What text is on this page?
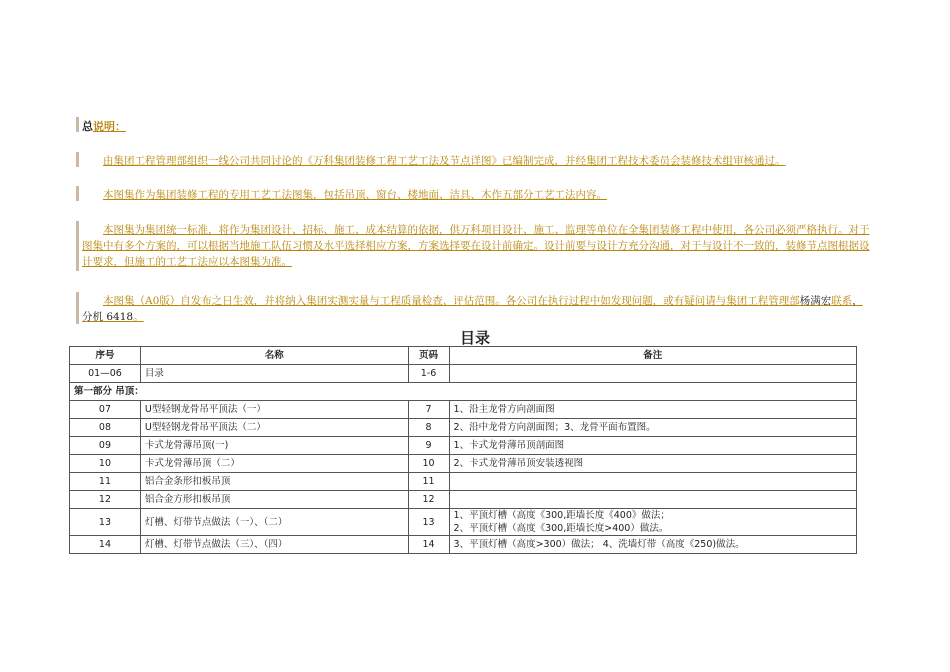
总说明：
由集团工程管理部组织一线公司共同讨论的《万科集团装修工程工艺工法及节点详图》已编制完成，并经集团工程技术委员会装修技术组审核通过。
本图集作为集团装修工程的专用工艺工法图集，包括吊顶、窗台、楼地面、洁具、木作五部分工艺工法内容。
本图集为集团统一标准，将作为集团设计、招标、施工、成本结算的依据，供万科项目设计、施工、监理等单位在全集团装修工程中使用，各公司必须严格执行。对于图集中有多个方案的，可以根据当地施工队伍习惯及水平选择相应方案，方案选择要在设计前确定。设计前要与设计方充分沟通，对于与设计不一致的，装修节点图根据设计要求，但施工的工艺工法应以本图集为准。
本图集（A0版）自发布之日生效，并将纳入集团实测实量与工程质量检查、评估范围。各公司在执行过程中如发现问题，或有疑问请与集团工程管理部杨满宏联系，分机 6418。
目录
序号	名称	页码	备注
01—06	目录	1-6	
第一部分 吊顶：			
07	U型轻钢龙骨吊平顶法（一）	7	1、沿主龙骨方向剖面图
08	U型轻钢龙骨吊平顶法（二）	8	2、沿中龙骨方向剖面图；3、龙骨平面布置图。
09	卡式龙骨薄吊顶(一)	9	1、卡式龙骨薄吊顶剖面图
10	卡式龙骨薄吊顶（二）	10	2、卡式龙骨薄吊顶安装透视图
11	铝合金条形扣板吊顶	11	
12	铝合金方形扣板吊顶	12	
13	灯槽、灯带节点做法（一）、（二）	13	1、平顶灯槽（高度《300,距墙长度《400》做法；
2、平顶灯槽（高度《300,距墙长度>400）做法。

14	灯槽、灯带节点做法（三）、（四）	14	3、平顶灯槽（高度>300）做法； 4、洗墙灯带（高度《250)做法。
